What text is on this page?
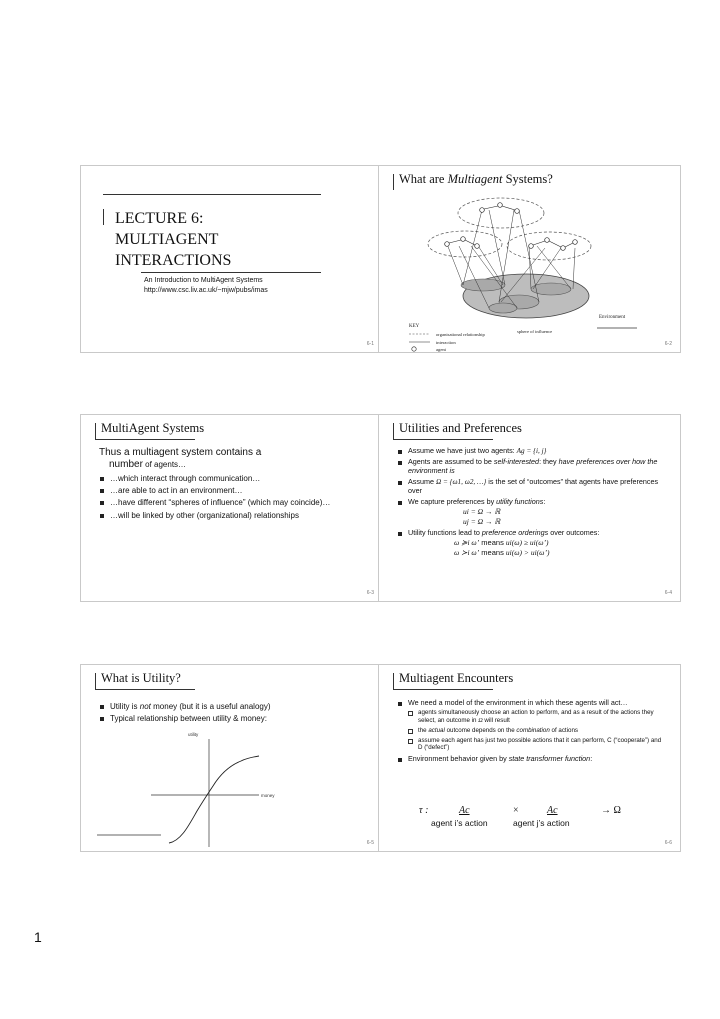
LECTURE 6:
MULTIAGENT
INTERACTIONS
An Introduction to MultiAgent Systems
http://www.csc.liv.ac.uk/~mjw/pubs/imas
6-1
What are Multiagent Systems?
Environment
KEY
organisational relationship
interaction
agent
sphere of influence
6-2
MultiAgent Systems
Thus a multiagent system contains a
number of agents…
…which interact through communication…
…are able to act in an environment…
…have different “spheres of influence” (which may coincide)…
…will be linked by other (organizational) relationships
6-3
Utilities and Preferences
Assume we have just two agents: Ag = {i, j}
Agents are assumed to be self-interested: they have preferences over how the environment is
Assume Ω = {ω1, ω2, …} is the set of “outcomes” that agents have preferences over
We capture preferences by utility functions:
ui = Ω → ℝ
uj = Ω → ℝ
Utility functions lead to preference orderings over outcomes:
ω ≽i ω’ means ui(ω) ≥ ui(ω’)
ω ≻i ω’ means ui(ω) > ui(ω’)
6-4
What is Utility?
Utility is not money (but it is a useful analogy)
Typical relationship between utility & money:
utility
money
6-5
Multiagent Encounters
We need a model of the environment in which these agents will act…
agents simultaneously choose an action to perform, and as a result of the actions they select, an outcome in Ω will result
the actual outcome depends on the combination of actions
assume each agent has just two possible actions that it can perform, C (“cooperate”) and D (“defect”)
Environment behavior given by state transformer function:
τ :	Ac	×	Ac	→ Ω
agent i’s action	agent j’s action
6-6
1
